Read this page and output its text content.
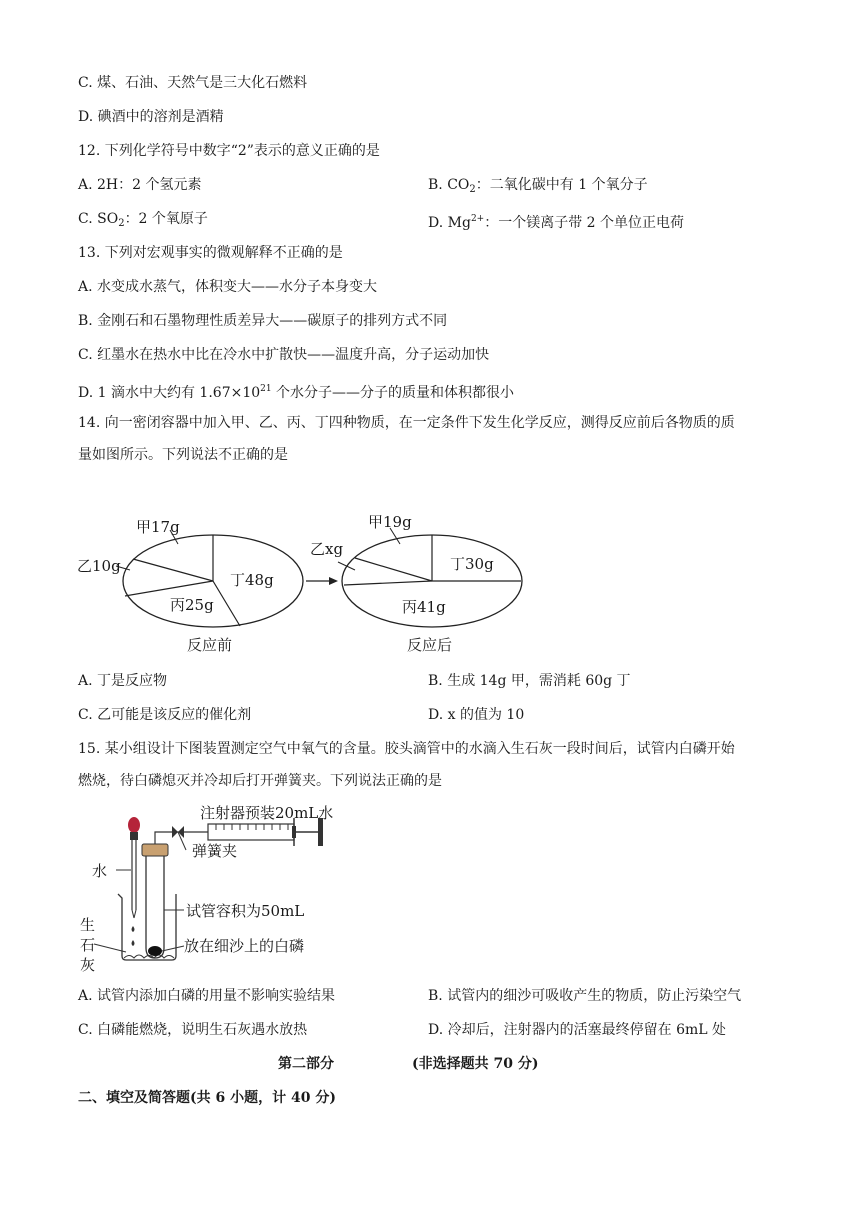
C. 煤、石油、天然气是三大化石燃料
D. 碘酒中的溶剂是酒精
12. 下列化学符号中数字“2”表示的意义正确的是
A. 2H：2 个氢元素	B. $CO_2$：二氧化碳中有 1 个氧分子
C. $SO_2$：2 个氧原子	D. $Mg^{2+}$：一个镁离子带 2 个单位正电荷
13. 下列对宏观事实的微观解释不正确的是
A. 水变成水蒸气，体积变大——水分子本身变大
B. 金刚石和石墨物理性质差异大——碳原子的排列方式不同
C. 红墨水在热水中比在冷水中扩散快——温度升高，分子运动加快
D. 1 滴水中大约有 $1.67\times 10^{21}$ 个水分子——分子的质量和体积都很小
14. 向一密闭容器中加入甲、乙、丙、丁四种物质，在一定条件下发生化学反应，测得反应前后各物质的质
量如图所示。下列说法不正确的是
甲17g
乙10g
丙25g
丁48g
反应前
甲19g
乙xg
丙41g
丁30g
反应后
A. 丁是反应物	B. 生成 14g 甲，需消耗 60g 丁
C. 乙可能是该反应的催化剂	D. x 的值为 10
15. 某小组设计下图装置测定空气中氧气的含量。胶头滴管中的水滴入生石灰一段时间后，试管内白磷开始
燃烧，待白磷熄灭并冷却后打开弹簧夹。下列说法正确的是
水
生
石
灰
放在细沙上的白磷
试管容积为50mL
弹簧夹
注射器预装20mL水
A. 试管内添加白磷的用量不影响实验结果	B. 试管内的细沙可吸收产生的物质，防止污染空气
C. 白磷能燃烧，说明生石灰遇水放热	D. 冷却后，注射器内的活塞最终停留在 6mL 处
第二部分	(非选择题共 70 分)
二、填空及简答题(共 6 小题，计 40 分)
